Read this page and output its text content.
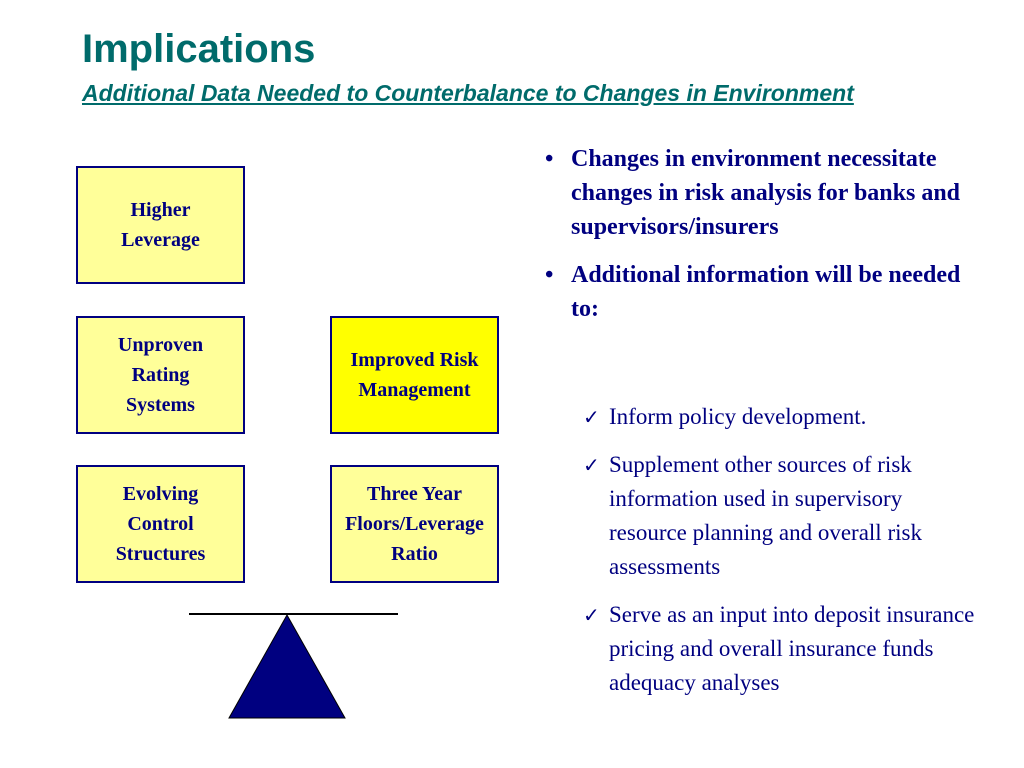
Implications
Additional Data Needed to Counterbalance to Changes in Environment
Higher
Leverage
Unproven
Rating
Systems
Evolving
Control
Structures
Improved Risk
Management
Three Year
Floors/Leverage
Ratio
• Changes in environment necessitate changes in risk analysis for banks and supervisors/insurers
• Additional information will be needed to:
✓ Inform policy development.
✓ Supplement other sources of risk information used in supervisory resource planning and overall risk assessments
✓ Serve as an input into deposit insurance pricing and overall insurance funds adequacy analyses
